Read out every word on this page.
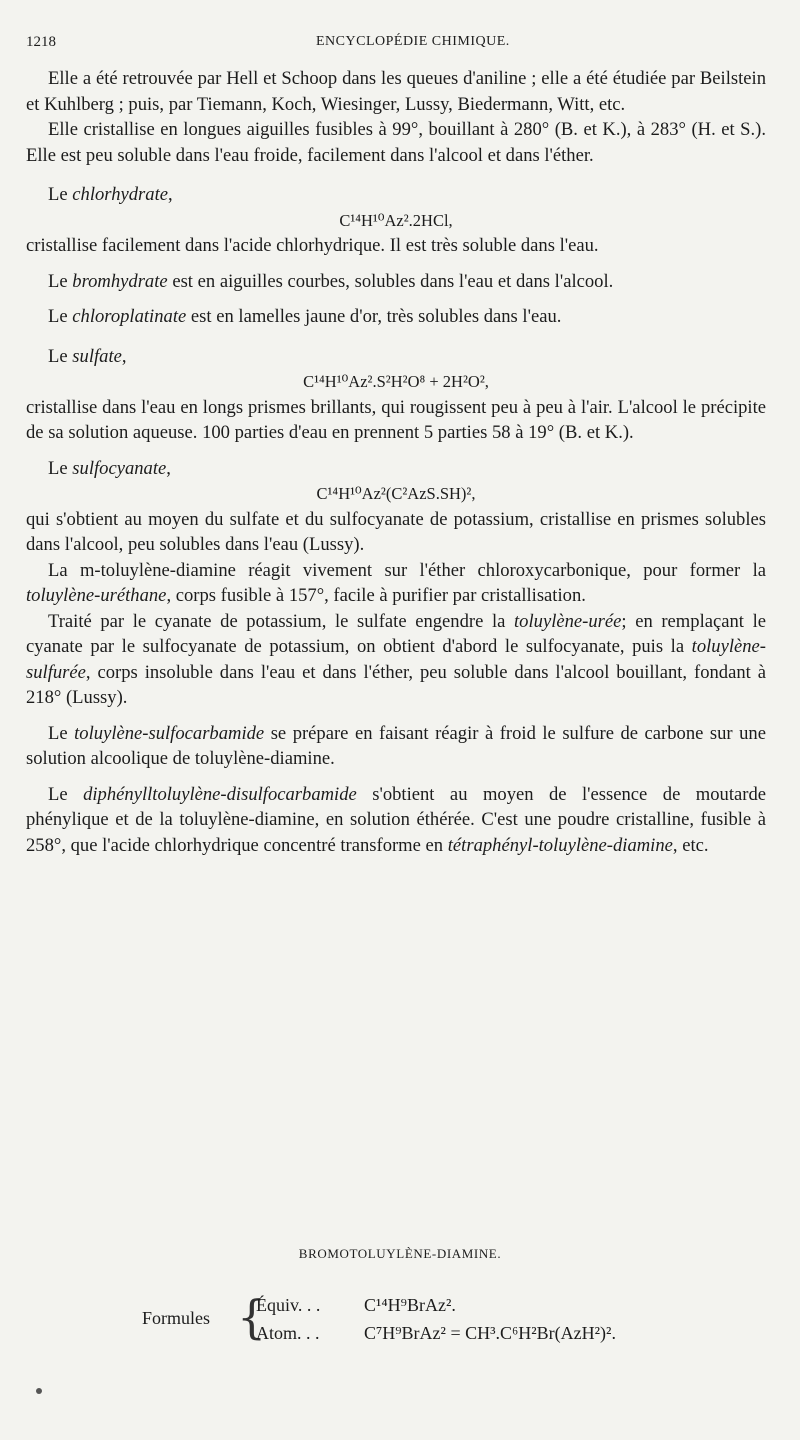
1218	ENCYCLOPÉDIE CHIMIQUE.

Elle a été retrouvée par Hell et Schoop dans les queues d'aniline ; elle a été étudiée par Beilstein et Kuhlberg ; puis, par Tiemann, Koch, Wiesinger, Lussy, Biedermann, Witt, etc.

Elle cristallise en longues aiguilles fusibles à 99°, bouillant à 280° (B. et K.), à 283° (H. et S.). Elle est peu soluble dans l'eau froide, facilement dans l'alcool et dans l'éther.

Le chlorhydrate,

C¹⁴H¹⁰Az².2HCl,

cristallise facilement dans l'acide chlorhydrique. Il est très soluble dans l'eau.

Le bromhydrate est en aiguilles courbes, solubles dans l'eau et dans l'alcool.

Le chloroplatinate est en lamelles jaune d'or, très solubles dans l'eau.

Le sulfate,

C¹⁴H¹⁰Az².S²H²O⁸ + 2H²O²,

cristallise dans l'eau en longs prismes brillants, qui rougissent peu à peu à l'air. L'alcool le précipite de sa solution aqueuse. 100 parties d'eau en prennent 5 parties 58 à 19° (B. et K.).

Le sulfocyanate,

C¹⁴H¹⁰Az²(C²AzS.SH)²,

qui s'obtient au moyen du sulfate et du sulfocyanate de potassium, cristallise en prismes solubles dans l'alcool, peu solubles dans l'eau (Lussy).

La m-toluylène-diamine réagit vivement sur l'éther chloroxycarbonique, pour former la toluylène-uréthane, corps fusible à 157°, facile à purifier par cristallisation.

Traité par le cyanate de potassium, le sulfate engendre la toluylène-urée; en remplaçant le cyanate par le sulfocyanate de potassium, on obtient d'abord le sulfocyanate, puis la toluylène-sulfurée, corps insoluble dans l'eau et dans l'éther, peu soluble dans l'alcool bouillant, fondant à 218° (Lussy).

Le toluylène-sulfocarbamide se prépare en faisant réagir à froid le sulfure de carbone sur une solution alcoolique de toluylène-diamine.

Le diphénylltoluylène-disulfocarbamide s'obtient au moyen de l'essence de moutarde phénylique et de la toluylène-diamine, en solution éthérée. C'est une poudre cristalline, fusible à 258°, que l'acide chlorhydrique concentré transforme en tétraphényl-toluylène-diamine, etc.

BROMOTOLUYLÈNE-DIAMINE.
Formules {
Équiv. . . C¹⁴H⁹BrAz².
Atom. . . C⁷H⁹BrAz² = CH³.C⁶H²Br(AzH²)².
